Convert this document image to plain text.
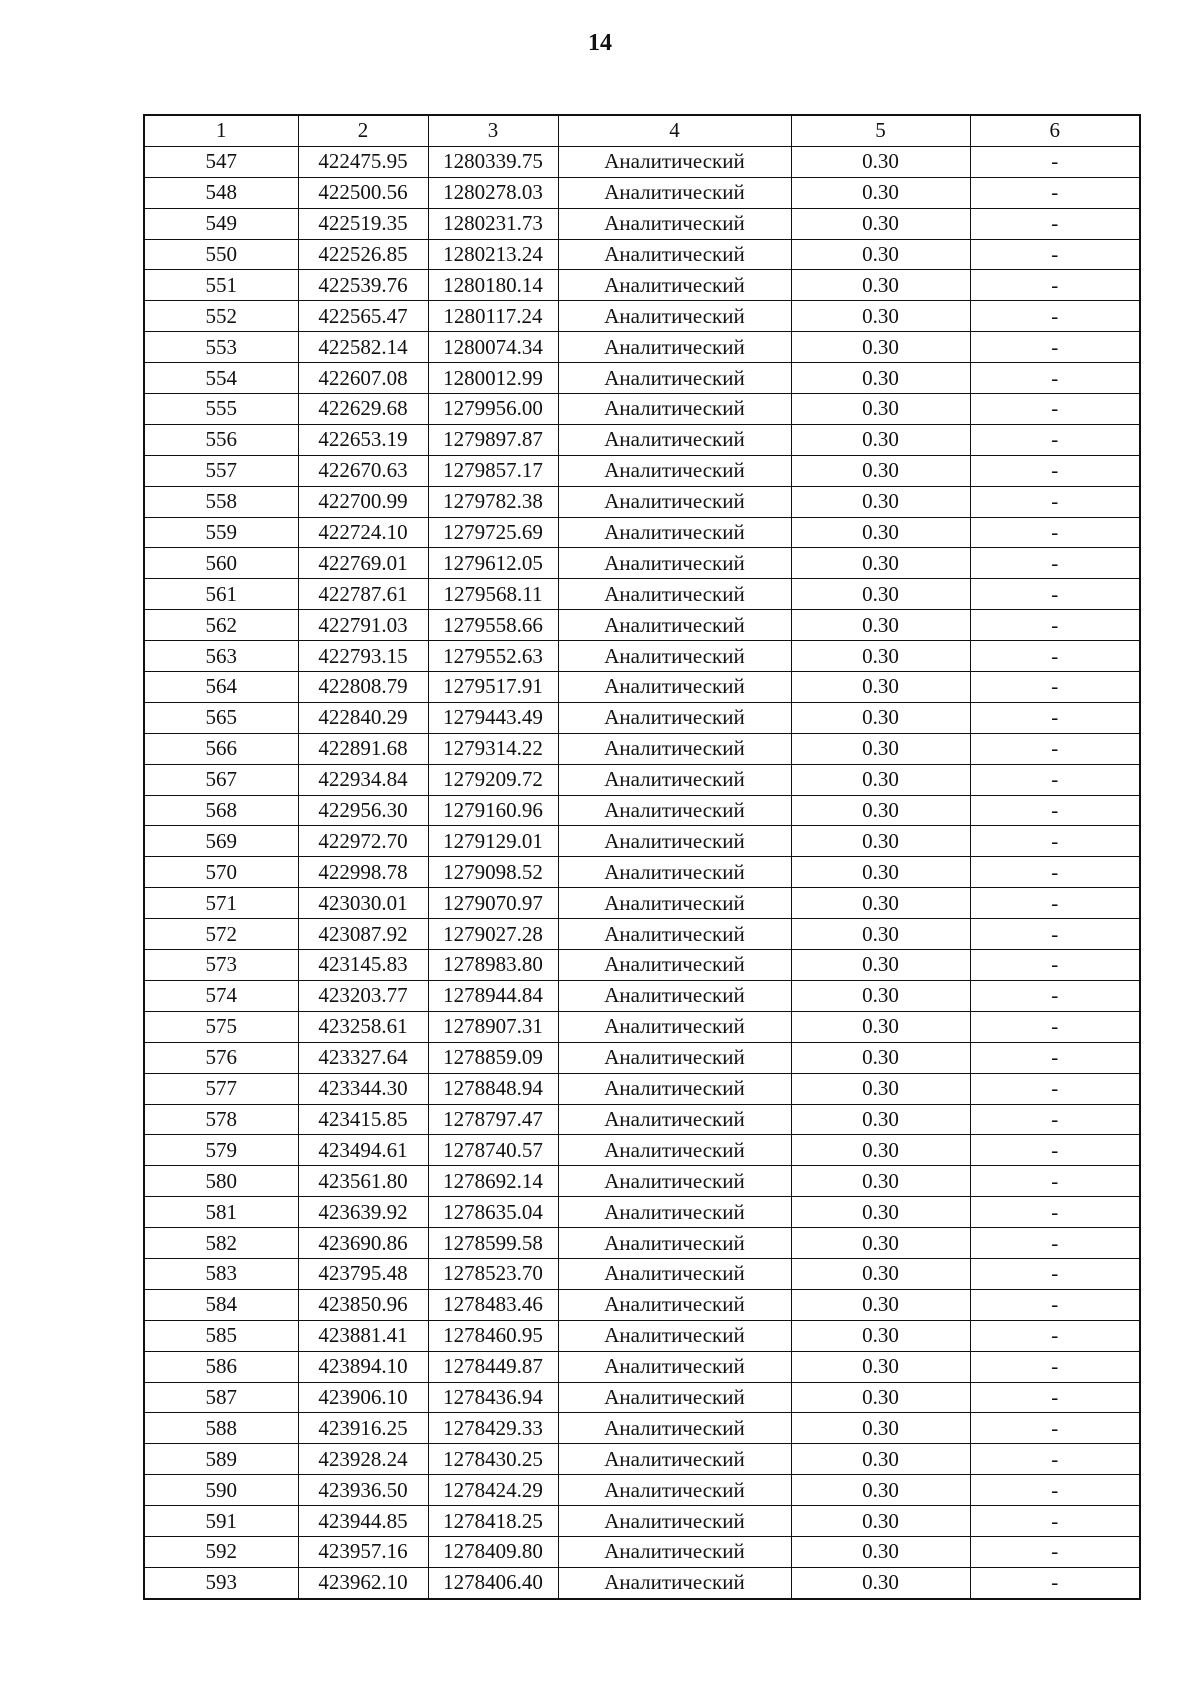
14
1	2	3	4	5	6
547	422475.95	1280339.75	Аналитический	0.30	-
548	422500.56	1280278.03	Аналитический	0.30	-
549	422519.35	1280231.73	Аналитический	0.30	-
550	422526.85	1280213.24	Аналитический	0.30	-
551	422539.76	1280180.14	Аналитический	0.30	-
552	422565.47	1280117.24	Аналитический	0.30	-
553	422582.14	1280074.34	Аналитический	0.30	-
554	422607.08	1280012.99	Аналитический	0.30	-
555	422629.68	1279956.00	Аналитический	0.30	-
556	422653.19	1279897.87	Аналитический	0.30	-
557	422670.63	1279857.17	Аналитический	0.30	-
558	422700.99	1279782.38	Аналитический	0.30	-
559	422724.10	1279725.69	Аналитический	0.30	-
560	422769.01	1279612.05	Аналитический	0.30	-
561	422787.61	1279568.11	Аналитический	0.30	-
562	422791.03	1279558.66	Аналитический	0.30	-
563	422793.15	1279552.63	Аналитический	0.30	-
564	422808.79	1279517.91	Аналитический	0.30	-
565	422840.29	1279443.49	Аналитический	0.30	-
566	422891.68	1279314.22	Аналитический	0.30	-
567	422934.84	1279209.72	Аналитический	0.30	-
568	422956.30	1279160.96	Аналитический	0.30	-
569	422972.70	1279129.01	Аналитический	0.30	-
570	422998.78	1279098.52	Аналитический	0.30	-
571	423030.01	1279070.97	Аналитический	0.30	-
572	423087.92	1279027.28	Аналитический	0.30	-
573	423145.83	1278983.80	Аналитический	0.30	-
574	423203.77	1278944.84	Аналитический	0.30	-
575	423258.61	1278907.31	Аналитический	0.30	-
576	423327.64	1278859.09	Аналитический	0.30	-
577	423344.30	1278848.94	Аналитический	0.30	-
578	423415.85	1278797.47	Аналитический	0.30	-
579	423494.61	1278740.57	Аналитический	0.30	-
580	423561.80	1278692.14	Аналитический	0.30	-
581	423639.92	1278635.04	Аналитический	0.30	-
582	423690.86	1278599.58	Аналитический	0.30	-
583	423795.48	1278523.70	Аналитический	0.30	-
584	423850.96	1278483.46	Аналитический	0.30	-
585	423881.41	1278460.95	Аналитический	0.30	-
586	423894.10	1278449.87	Аналитический	0.30	-
587	423906.10	1278436.94	Аналитический	0.30	-
588	423916.25	1278429.33	Аналитический	0.30	-
589	423928.24	1278430.25	Аналитический	0.30	-
590	423936.50	1278424.29	Аналитический	0.30	-
591	423944.85	1278418.25	Аналитический	0.30	-
592	423957.16	1278409.80	Аналитический	0.30	-
593	423962.10	1278406.40	Аналитический	0.30	-
